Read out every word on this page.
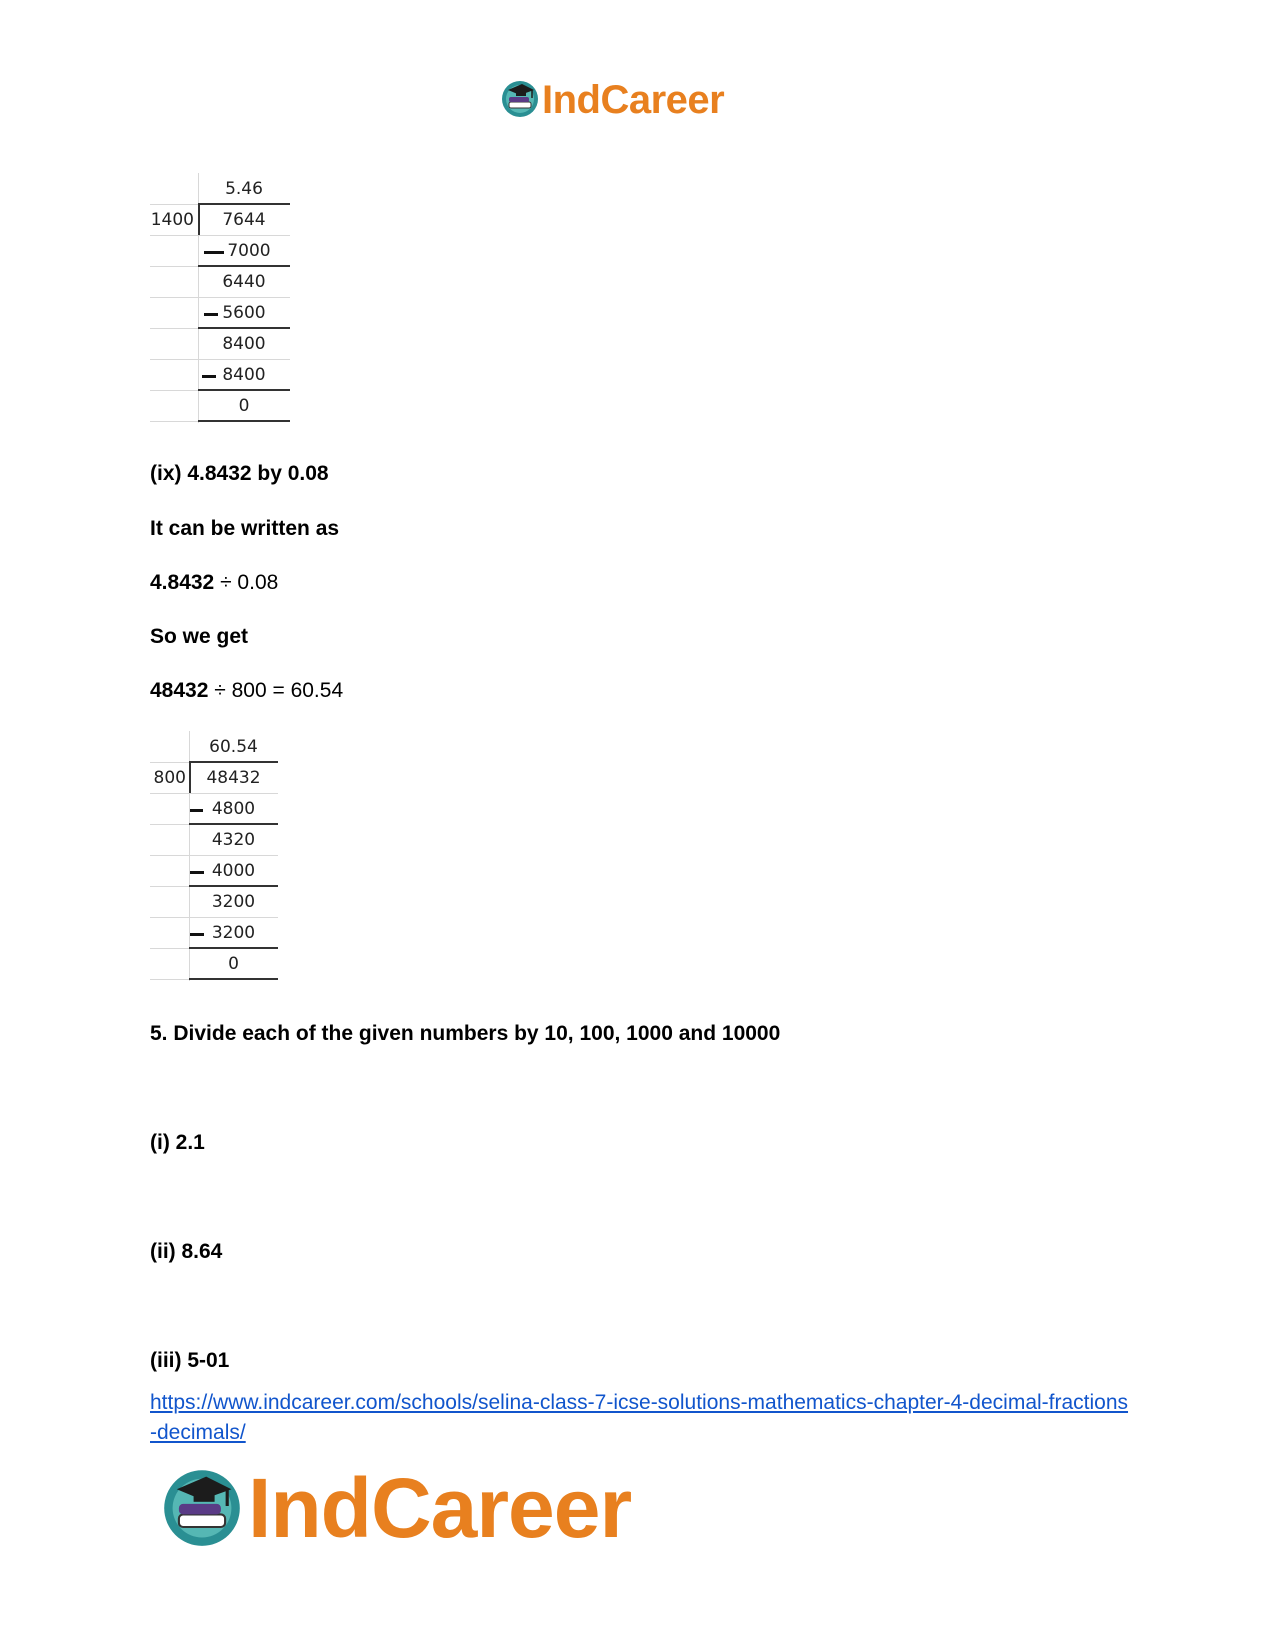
IndCareer
5.46
1400	7644
7000
6440
5600
8400
8400
0
(ix) 4.8432 by 0.08
It can be written as
4.8432 ÷ 0.08
So we get
48432 ÷ 800 = 60.54
60.54
800	48432
4800
4320
4000
3200
3200
0
5. Divide each of the given numbers by 10, 100, 1000 and 10000
(i) 2.1
(ii) 8.64
(iii) 5-01
https://www.indcareer.com/schools/selina-class-7-icse-solutions-mathematics-chapter-4-decimal-fractions-decimals/
IndCareer
